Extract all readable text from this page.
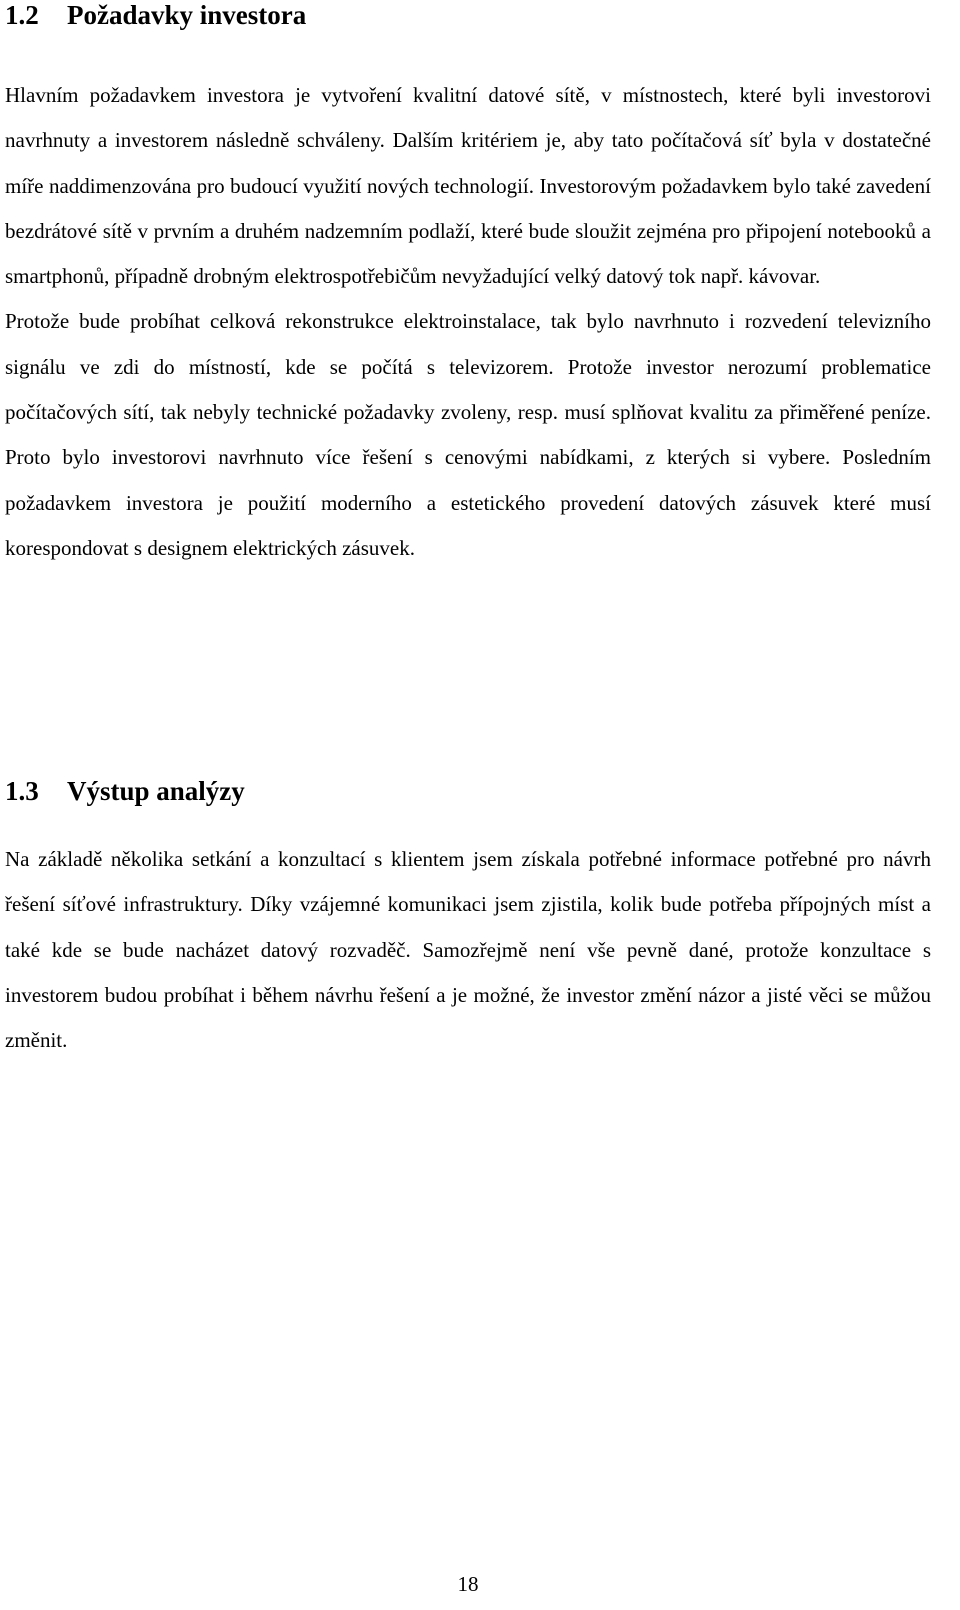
1.2 Požadavky investora

Hlavním požadavkem investora je vytvoření kvalitní datové sítě, v místnostech, které byli investorovi navrhnuty a investorem následně schváleny. Dalším kritériem je, aby tato počítačová síť byla v dostatečné míře naddimenzována pro budoucí využití nových technologií. Investorovým požadavkem bylo také zavedení bezdrátové sítě v prvním a druhém nadzemním podlaží, které bude sloužit zejména pro připojení notebooků a smartphonů, případně drobným elektrospotřebičům nevyžadující velký datový tok např. kávovar.

Protože bude probíhat celková rekonstrukce elektroinstalace, tak bylo navrhnuto i rozvedení televizního signálu ve zdi do místností, kde se počítá s televizorem. Protože investor nerozumí problematice počítačových sítí, tak nebyly technické požadavky zvoleny, resp. musí splňovat kvalitu za přiměřené peníze. Proto bylo investorovi navrhnuto více řešení s cenovými nabídkami, z kterých si vybere. Posledním požadavkem investora je použití moderního a estetického provedení datových zásuvek které musí korespondovat s designem elektrických zásuvek.

1.3 Výstup analýzy

Na základě několika setkání a konzultací s klientem jsem získala potřebné informace potřebné pro návrh řešení síťové infrastruktury. Díky vzájemné komunikaci jsem zjistila, kolik bude potřeba přípojných míst a také kde se bude nacházet datový rozvaděč. Samozřejmě není vše pevně dané, protože konzultace s investorem budou probíhat i během návrhu řešení a je možné, že investor změní názor a jisté věci se můžou změnit.

18
